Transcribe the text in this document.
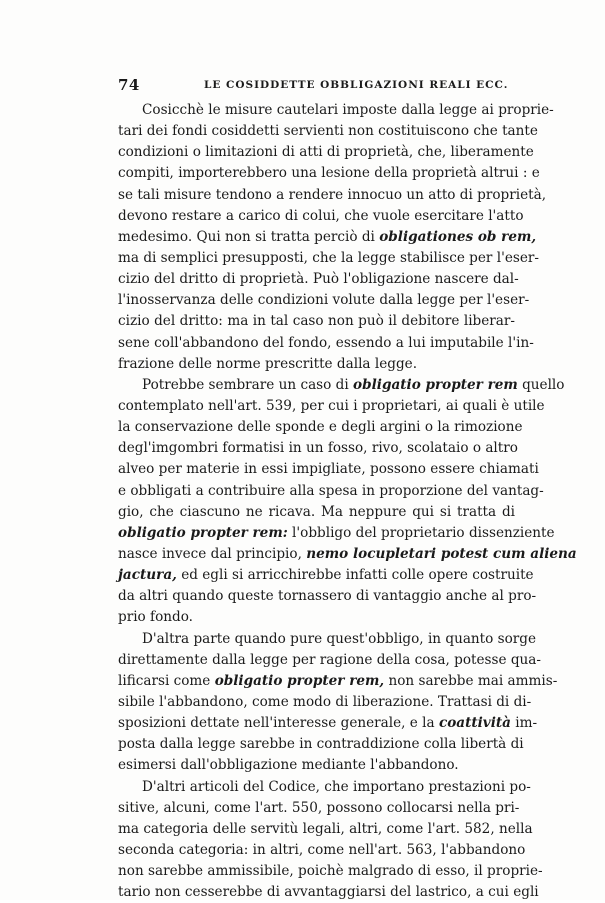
74	LE COSIDDETTE OBBLIGAZIONI REALI ECC.
Cosicchè le misure cautelari imposte dalla legge ai proprie-
tari dei fondi cosiddetti servienti non costituiscono che tante
condizioni o limitazioni di atti di proprietà, che, liberamente
compiti, importerebbero una lesione della proprietà altrui : e
se tali misure tendono a rendere innocuo un atto di proprietà,
devono restare a carico di colui, che vuole esercitare l'atto
medesimo. Qui non si tratta perciò di obligationes ob rem,
ma di semplici presupposti, che la legge stabilisce per l'eser-
cizio del dritto di proprietà. Può l'obligazione nascere dal-
l'inosservanza delle condizioni volute dalla legge per l'eser-
cizio del dritto: ma in tal caso non può il debitore liberar-
sene coll'abbandono del fondo, essendo a lui imputabile l'in-
frazione delle norme prescritte dalla legge.
Potrebbe sembrare un caso di obligatio propter rem quello
contemplato nell'art. 539, per cui i proprietari, ai quali è utile
la conservazione delle sponde e degli argini o la rimozione
degl'imgombri formatisi in un fosso, rivo, scolataio o altro
alveo per materie in essi impigliate, possono essere chiamati
e obbligati a contribuire alla spesa in proporzione del vantag-
gio, che ciascuno ne ricava. Ma neppure qui si tratta di
obligatio propter rem: l'obbligo del proprietario dissenziente
nasce invece dal principio, nemo locupletari potest cum aliena
jactura, ed egli si arricchirebbe infatti colle opere costruite
da altri quando queste tornassero di vantaggio anche al pro-
prio fondo.
D'altra parte quando pure quest'obbligo, in quanto sorge
direttamente dalla legge per ragione della cosa, potesse qua-
lificarsi come obligatio propter rem, non sarebbe mai ammis-
sibile l'abbandono, come modo di liberazione. Trattasi di di-
sposizioni dettate nell'interesse generale, e la coattività im-
posta dalla legge sarebbe in contraddizione colla libertà di
esimersi dall'obbligazione mediante l'abbandono.
D'altri articoli del Codice, che importano prestazioni po-
sitive, alcuni, come l'art. 550, possono collocarsi nella pri-
ma categoria delle servitù legali, altri, come l'art. 582, nella
seconda categoria: in altri, come nell'art. 563, l'abbandono
non sarebbe ammissibile, poichè malgrado di esso, il proprie-
tario non cesserebbe di avvantaggiarsi del lastrico, a cui egli
